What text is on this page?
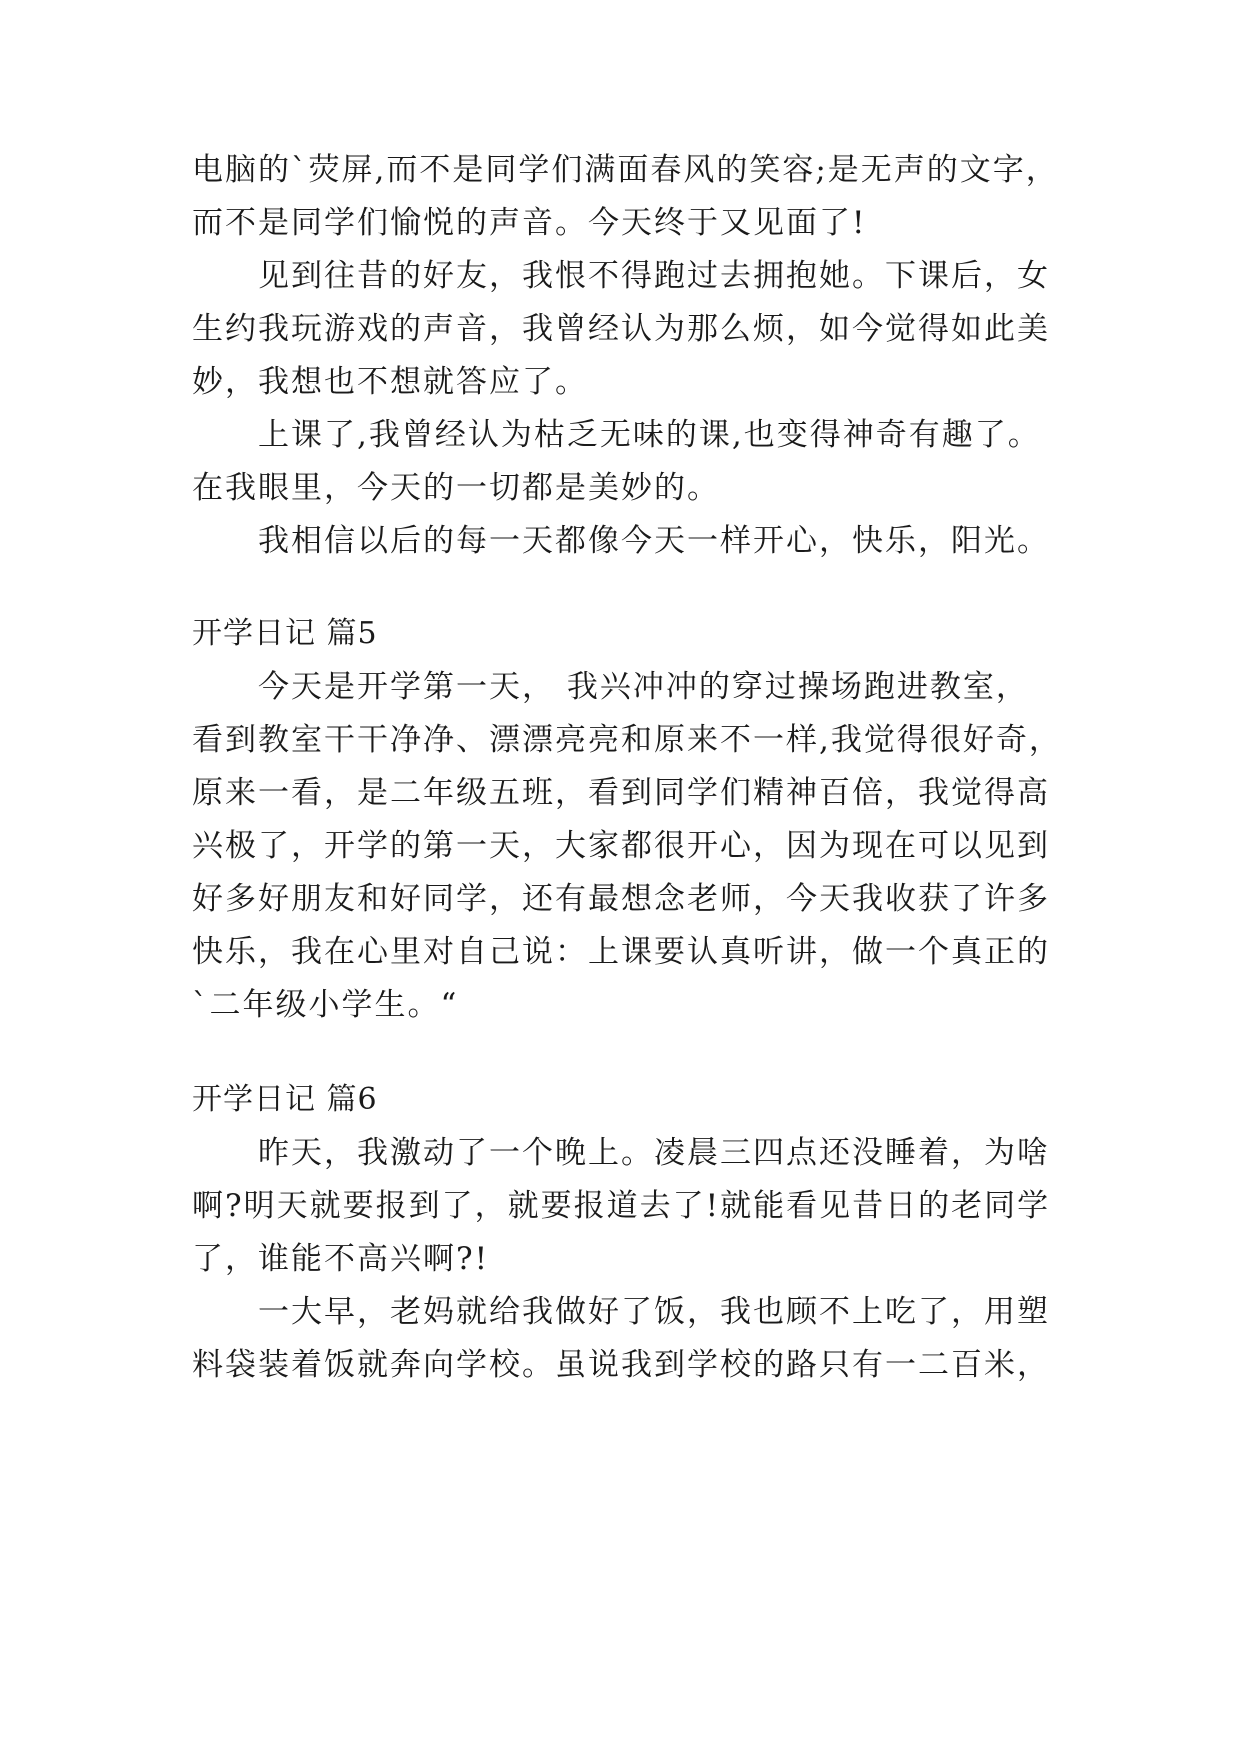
电脑的`荧屏,而不是同学们满面春风的笑容;是无声的文字，
而不是同学们愉悦的声音。今天终于又见面了!
见到往昔的好友，我恨不得跑过去拥抱她。下课后，女
生约我玩游戏的声音，我曾经认为那么烦，如今觉得如此美
妙，我想也不想就答应了。
上课了,我曾经认为枯乏无味的课,也变得神奇有趣了。
在我眼里，今天的一切都是美妙的。
我相信以后的每一天都像今天一样开心，快乐，阳光。
开学日记 篇5
今天是开学第一天， 我兴冲冲的穿过操场跑进教室，
看到教室干干净净、漂漂亮亮和原来不一样,我觉得很好奇，
原来一看，是二年级五班，看到同学们精神百倍，我觉得高
兴极了，开学的第一天，大家都很开心，因为现在可以见到
好多好朋友和好同学，还有最想念老师，今天我收获了许多
快乐，我在心里对自己说：上课要认真听讲，做一个真正的
`二年级小学生。“
开学日记 篇6
昨天，我激动了一个晚上。凌晨三四点还没睡着，为啥
啊?明天就要报到了，就要报道去了!就能看见昔日的老同学
了，谁能不高兴啊?!
一大早，老妈就给我做好了饭，我也顾不上吃了，用塑
料袋装着饭就奔向学校。虽说我到学校的路只有一二百米，
